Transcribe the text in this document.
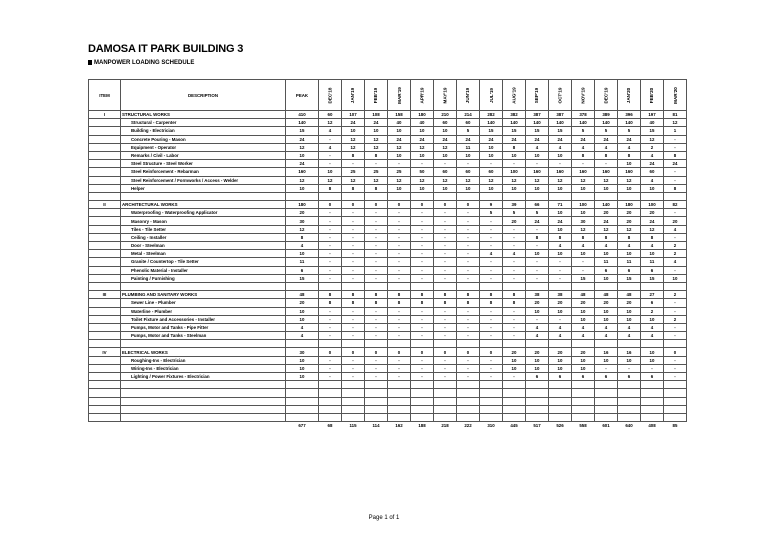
DAMOSA IT PARK BUILDING 3
MANPOWER LOADING SCHEDULE
ITEM	DESCRIPTION	PEAK	DEC'18	JAN'19	FEB'19	MAR'19	APR'19	MAY'19	JUN'19	JUL'19	AUG'19	SEP'19	OCT'19	NOV'19	DEC'19	JAN'20	FEB'20	MAR'20
I	STRUCTURAL WORKS	410	60	107	108	158	180	210	214	282	382	387	387	378	389	396	197	81
	Structural - Carpenter	140	12	24	24	40	40	60	60	140	140	140	140	140	140	140	40	12
	Building - Electrician	15	4	10	10	10	10	10	5	15	15	15	15	5	5	5	15	1
	Concrete Pouring - Mason	24	-	12	12	24	24	24	24	24	24	24	24	24	24	24	12	-
	Equipment - Operator	12	4	12	12	12	12	12	11	10	8	4	4	4	4	4	2	-
	Remarks / Civil - Labor	10	-	8	8	10	10	10	10	10	10	10	10	8	8	8	4	8
	Steel Structure - Steel Worker	24	-	-	-	-	-	-	-	-	-	-	-	-	-	10	24	24
	Steel Reinforcement - Rebarman	160	10	25	25	25	50	60	60	60	100	160	160	160	160	160	60	-
	Steel Reinforcement / Formworks / Access - Welder	12	12	12	12	12	12	12	12	12	12	12	12	12	12	12	4	-
	Helper	10	8	8	8	10	10	10	10	10	10	10	10	10	10	10	10	8

II	ARCHITECTURAL WORKS	180	0	0	0	0	0	0	0	9	39	66	71	100	140	180	100	82
	Waterproofing - Waterproofing Applicator	20	-	-	-	-	-	-	-	5	5	5	10	10	20	20	20	-
	Masonry - Mason	30	-	-	-	-	-	-	-	-	20	24	24	30	24	20	24	20
	Tiles - Tile Setter	12	-	-	-	-	-	-	-	-	-	-	10	12	12	12	12	4
	Ceiling - Installer	8	-	-	-	-	-	-	-	-	-	8	8	8	8	8	8	-
	Door - Steelman	4	-	-	-	-	-	-	-	-	-	-	4	4	4	4	4	2
	Metal - Steelman	10	-	-	-	-	-	-	-	4	4	10	10	10	10	10	10	2
	Granite / Countertop - Tile Setter	11	-	-	-	-	-	-	-	-	-	-	-	-	11	11	11	4
	Phenolic Material - Installer	6	-	-	-	-	-	-	-	-	-	-	-	-	6	6	6	-
	Painting / Furnishing	15	-	-	-	-	-	-	-	-	-	-	-	15	10	15	15	10

III	PLUMBING AND SANITARY WORKS	48	8	8	8	8	8	8	8	8	8	38	38	48	48	48	27	2
	Sewer Line - Plumber	20	8	8	8	8	8	8	8	8	8	20	20	20	20	20	6	-
	Waterline - Plumber	10	-	-	-	-	-	-	-	-	-	10	10	10	10	10	2	-
	Toilet Fixture and Accessories - Installer	10	-	-	-	-	-	-	-	-	-	-	-	10	10	10	10	2
	Pumps, Motor and Tanks - Pipe Fitter	4	-	-	-	-	-	-	-	-	-	4	4	4	4	4	4	-
	Pumps, Motor and Tanks - Steelman	4	-	-	-	-	-	-	-	-	-	4	4	4	4	4	4	-

IV	ELECTRICAL WORKS	30	0	0	0	0	0	0	0	0	20	20	20	20	16	16	10	0
	Roughing-Ins - Electrician	10	-	-	-	-	-	-	-	-	10	10	10	10	10	10	10	-
	Wiring-Ins - Electrician	10	-	-	-	-	-	-	-	-	10	10	10	10	-	-	-	-
	Lighting / Power Fixtures - Electrician	10	-	-	-	-	-	-	-	-	-	6	6	6	6	6	6	-

		677	68	115	114	162	188	218	222	310	445	517	526	558	601	640	408	85
Page 1 of 1
